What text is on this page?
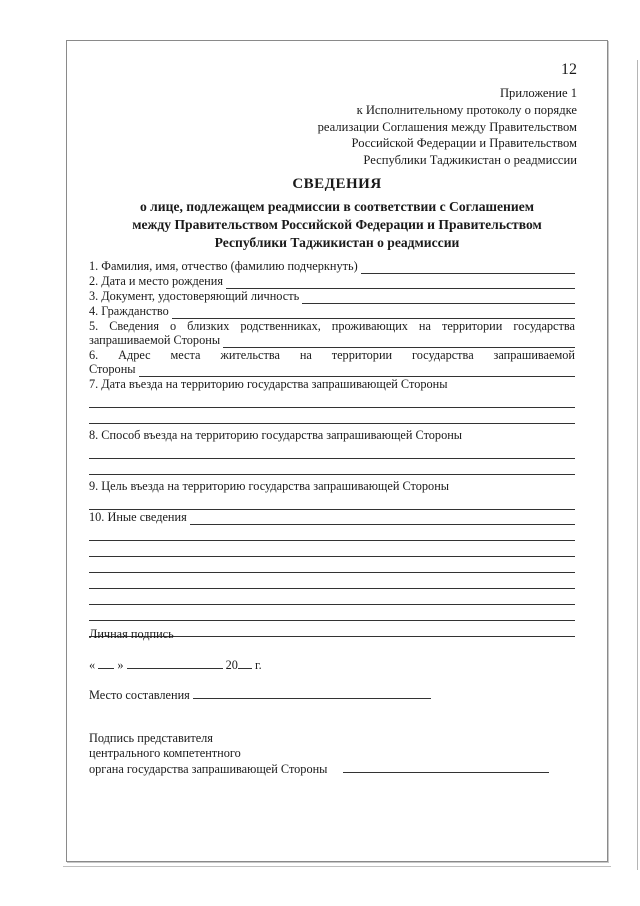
12
Приложение 1
к Исполнительному протоколу о порядке
реализации Соглашения между Правительством
Российской Федерации и Правительством
Республики Таджикистан о реадмиссии
СВЕДЕНИЯ
о лице, подлежащем реадмиссии в соответствии с Соглашением
между Правительством Российской Федерации и Правительством
Республики Таджикистан о реадмиссии
1. Фамилия, имя, отчество (фамилию подчеркнуть)
2. Дата и место рождения
3. Документ, удостоверяющий личность
4. Гражданство
5. Сведения о близких родственниках, проживающих на территории государства
запрашиваемой Стороны
6. Адрес места жительства на территории государства запрашиваемой
Стороны
7. Дата въезда на территорию государства запрашивающей Стороны
8. Способ въезда на территорию государства запрашивающей Стороны
9. Цель въезда на территорию государства запрашивающей Стороны
10. Иные сведения
Личная подпись
« »	20 г.
Место составления
Подпись представителя
центрального компетентного
органа государства запрашивающей Стороны
